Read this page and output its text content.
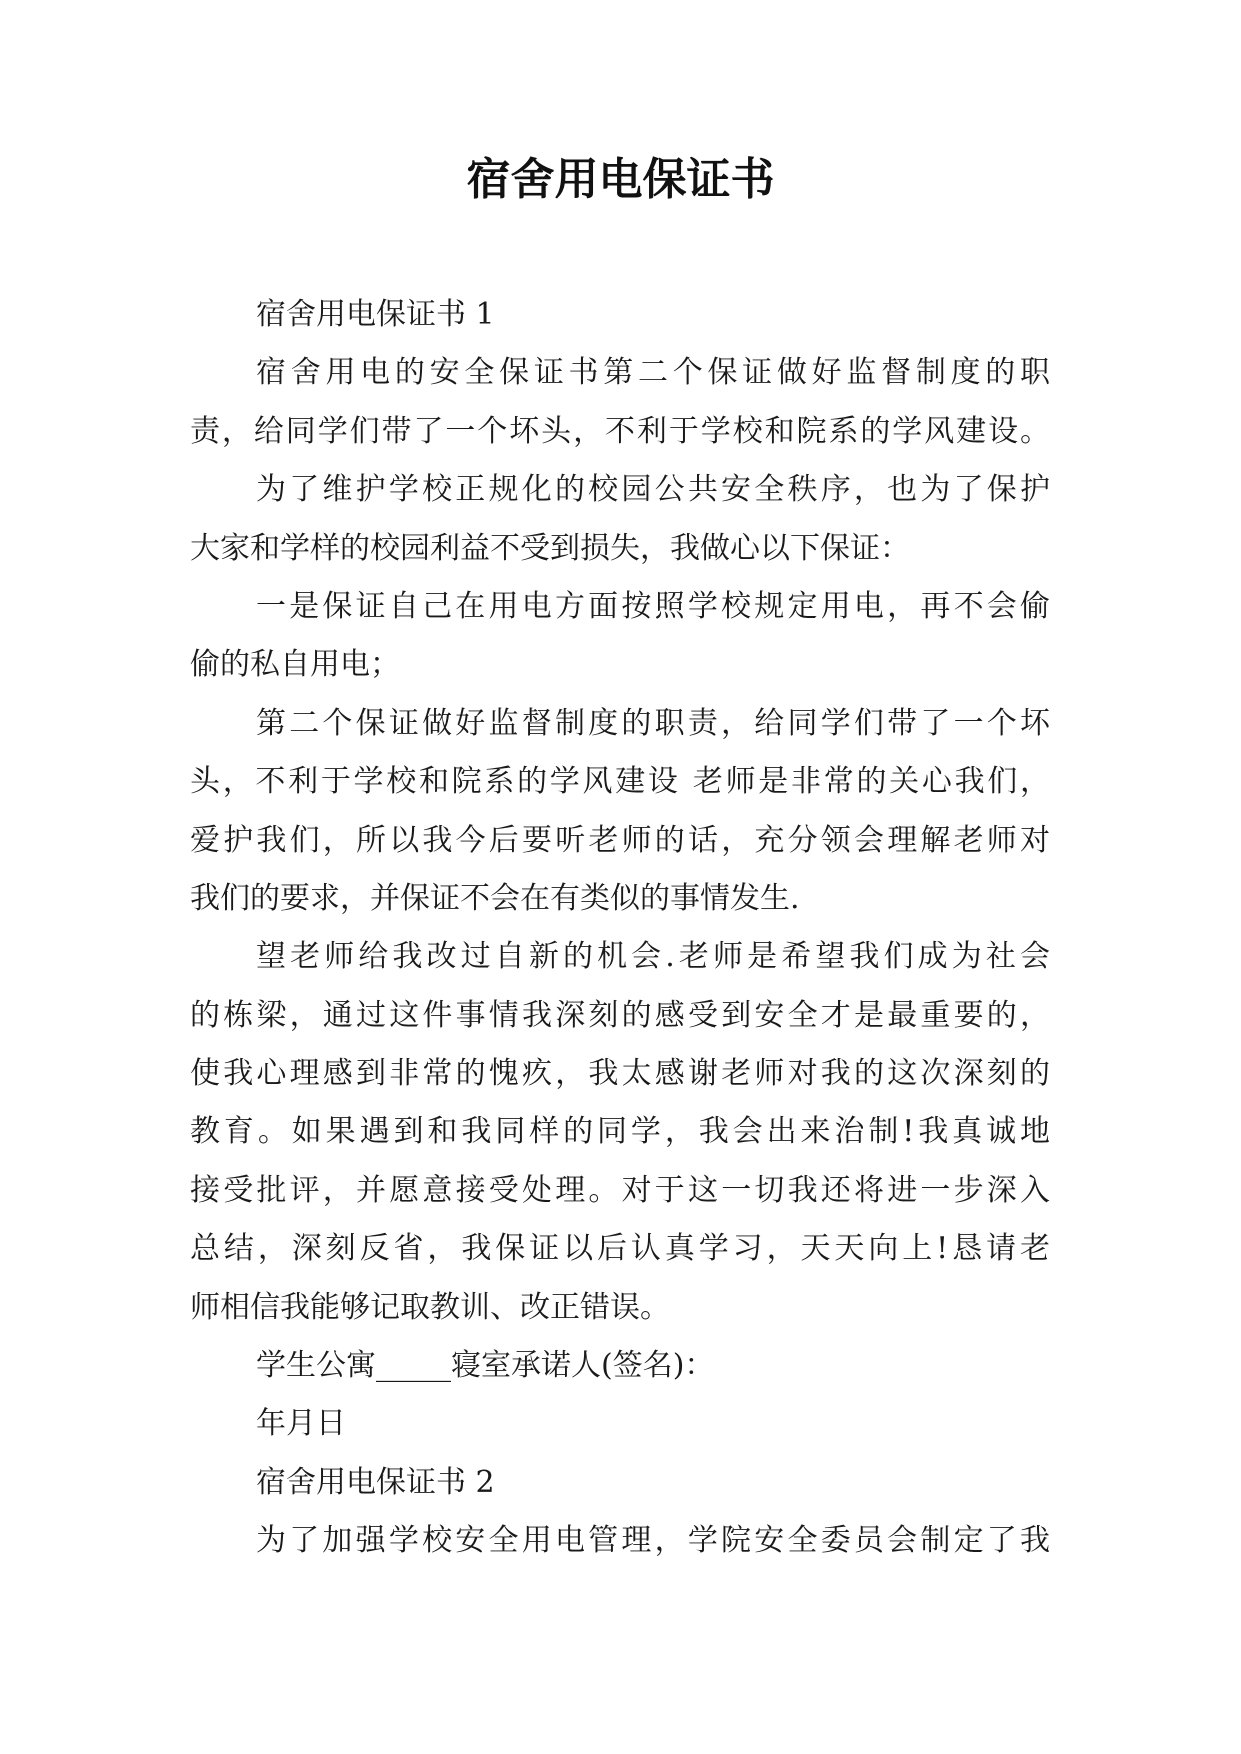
宿舍用电保证书
宿舍用电保证书 1
宿舍用电的安全保证书第二个保证做好监督制度的职
责，给同学们带了一个坏头，不利于学校和院系的学风建设。
为了维护学校正规化的校园公共安全秩序，也为了保护
大家和学样的校园利益不受到损失，我做心以下保证：
一是保证自己在用电方面按照学校规定用电，再不会偷
偷的私自用电；
第二个保证做好监督制度的职责，给同学们带了一个坏
头，不利于学校和院系的学风建设 老师是非常的关心我们，
爱护我们，所以我今后要听老师的话，充分领会理解老师对
我们的要求，并保证不会在有类似的事情发生.
望老师给我改过自新的机会.老师是希望我们成为社会
的栋梁，通过这件事情我深刻的感受到安全才是最重要的，
使我心理感到非常的愧疚，我太感谢老师对我的这次深刻的
教育。如果遇到和我同样的同学，我会出来治制!我真诚地
接受批评，并愿意接受处理。对于这一切我还将进一步深入
总结，深刻反省，我保证以后认真学习，天天向上!恳请老
师相信我能够记取教训、改正错误。
学生公寓_____寝室承诺人(签名)：
年月日
宿舍用电保证书 2
为了加强学校安全用电管理，学院安全委员会制定了我
